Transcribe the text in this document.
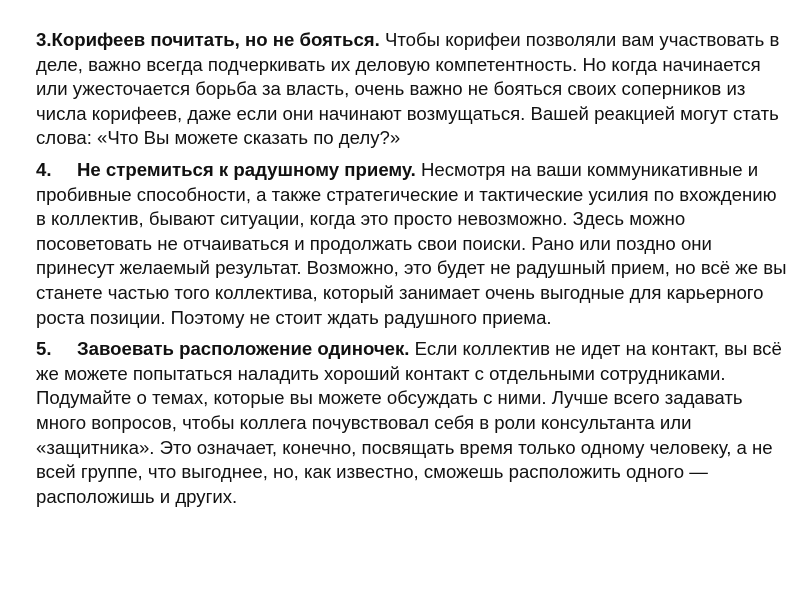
3.Корифеев почитать, но не бояться. Чтобы корифеи позволяли вам участвовать в деле, важно всегда подчеркивать их деловую компетентность. Но когда начинается или ужесточается борьба за власть, очень важно не бояться своих соперников из числа корифеев, даже если они начинают возмущаться. Вашей реакцией могут стать слова: «Что Вы можете сказать по делу?»

4. Не стремиться к радушному приему. Несмотря на ваши коммуникативные и пробивные способности, а также стратегические и тактические усилия по вхождению в коллектив, бывают ситуации, когда это просто невозможно. Здесь можно посоветовать не отчаиваться и продолжать свои поиски. Рано или поздно они принесут желаемый результат. Возможно, это будет не радушный прием, но всё же вы станете частью того коллектива, который занимает очень выгодные для карьерного роста позиции. Поэтому не стоит ждать радушного приема.

5. Завоевать расположение одиночек. Если коллектив не идет на контакт, вы всё же можете попытаться наладить хороший контакт с отдельными сотрудниками. Подумайте о темах, которые вы можете обсуждать с ними. Лучше всего задавать много вопросов, чтобы коллега почувствовал себя в роли консультанта или «защитника». Это означает, конечно, посвящать время только одному человеку, а не всей группе, что выгоднее, но, как известно, сможешь расположить одного — расположишь и других.
